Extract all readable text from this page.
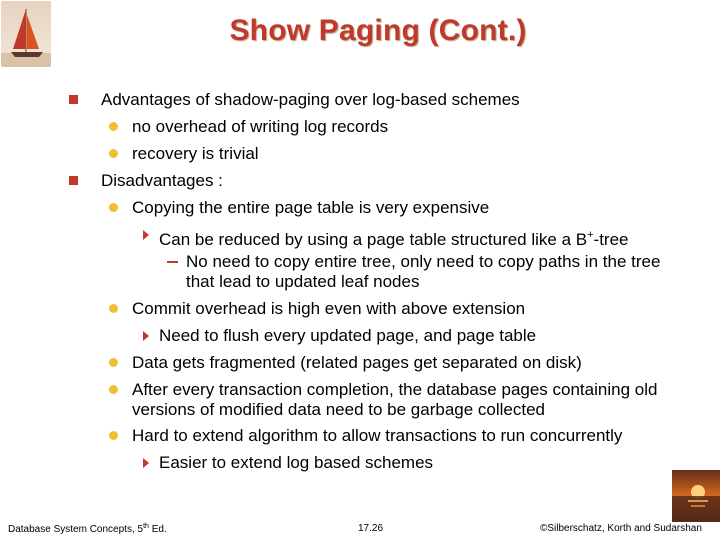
Show Paging (Cont.)
Advantages of shadow-paging over log-based schemes
no overhead of writing log records
recovery is trivial
Disadvantages :
Copying the entire page table is very expensive
Can be reduced by using a page table structured like a B+-tree
No need to copy entire tree, only need to copy paths in the tree
that lead to updated leaf nodes
Commit overhead is high even with above extension
Need to flush every updated page, and page table
Data gets fragmented (related pages get separated on disk)
After every transaction completion, the database pages containing old
versions of modified data need to be garbage collected
Hard to extend algorithm to allow transactions to run concurrently
Easier to extend log based schemes
Database System Concepts, 5th Ed.	17.26	©Silberschatz, Korth and Sudarshan
